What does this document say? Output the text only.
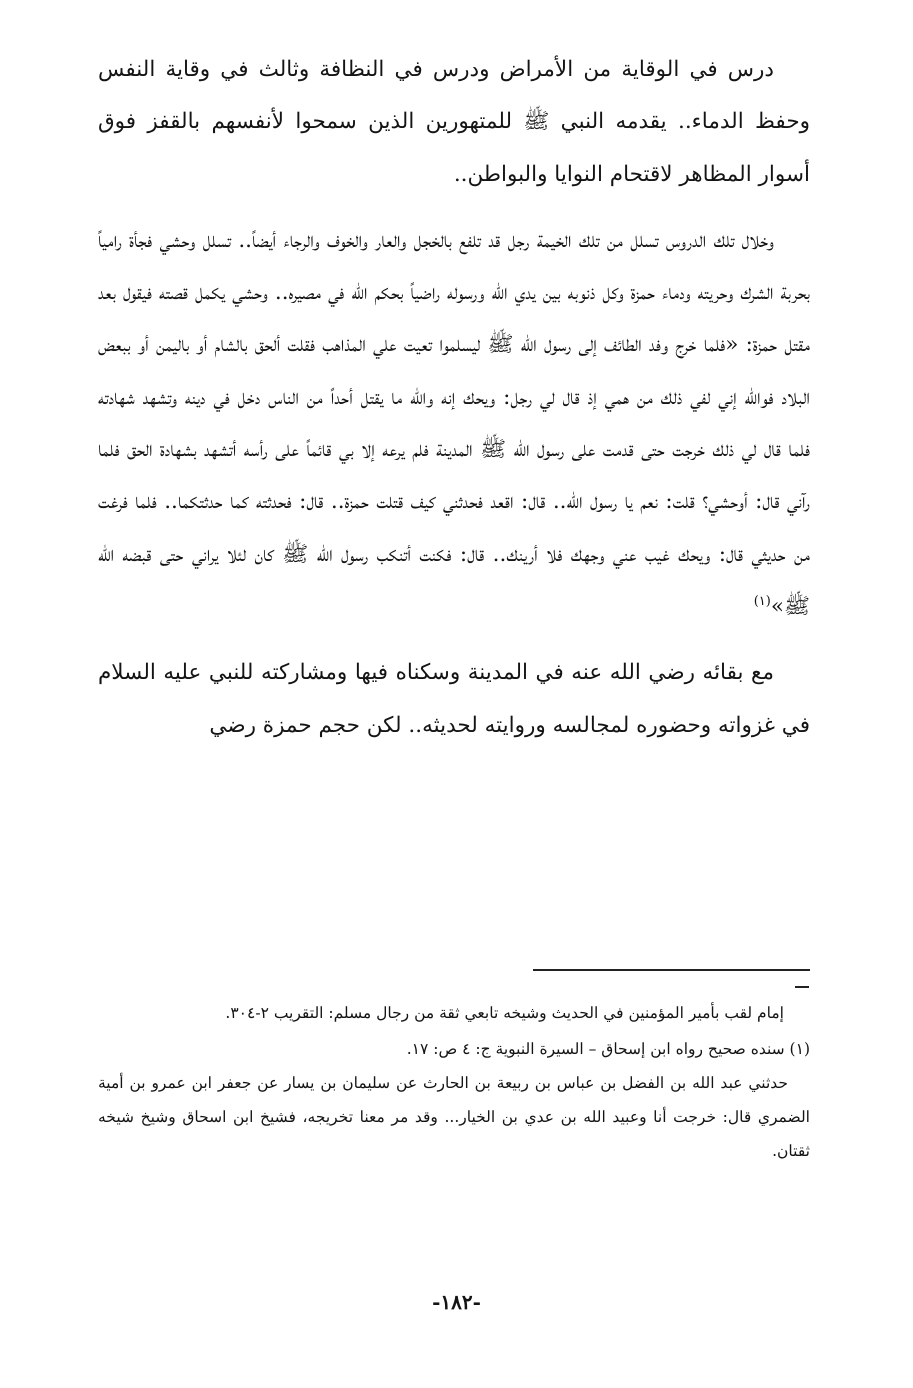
درس في الوقاية من الأمراض ودرس في النظافة وثالث في وقاية النفس وحفظ الدماء.. يقدمه النبي ﷺ للمتهورين الذين سمحوا لأنفسهم بالقفز فوق أسوار المظاهر لاقتحام النوايا والبواطن..

وخلال تلك الدروس تسلل من تلك الخيمة رجل قد تلفع بالخجل والعار والخوف والرجاء أيضاً.. تسلل وحشي فجأة رامياً بحربة الشرك وحريته ودماء حمزة وكل ذنوبه بين يدي الله ورسوله راضياً بحكم الله في مصيره.. وحشي يكمل قصته فيقول بعد مقتل حمزة: «فلما خرج وفد الطائف إلى رسول الله ﷺ ليسلموا تعيت علي المذاهب فقلت ألحق بالشام أو باليمن أو ببعض البلاد فوالله إني لفي ذلك من همي إذ قال لي رجل: ويحك إنه والله ما يقتل أحداً من الناس دخل في دينه وتشهد شهادته فلما قال لي ذلك خرجت حتى قدمت على رسول الله ﷺ المدينة فلم يرعه إلا بي قائماً على رأسه أتشهد بشهادة الحق فلما رآني قال: أوحشي؟ قلت: نعم يا رسول الله.. قال: اقعد فحدثني كيف قتلت حمزة.. قال: فحدثته كما حدثتكما.. فلما فرغت من حديثي قال: ويحك غيب عني وجهك فلا أرينك.. قال: فكنت أتنكب رسول الله ﷺ كان لئلا يراني حتى قبضه الله ﷺ»$^{(١)}$

مع بقائه رضي الله عنه في المدينة وسكناه فيها ومشاركته للنبي عليه السلام في غزواته وحضوره لمجالسه وروايته لحديثه.. لكن حجم حمزة رضي

إمام لقب بأمير المؤمنين في الحديث وشيخه تابعي ثقة من رجال مسلم: التقريب ٢-٣٠٤.

(١) سنده صحيح رواه ابن إسحاق – السيرة النبوية ج: ٤ ص: ١٧.

حدثني عبد الله بن الفضل بن عباس بن ربيعة بن الحارث عن سليمان بن يسار عن جعفر ابن عمرو بن أمية الضمري قال: خرجت أنا وعبيد الله بن عدي بن الخيار... وقد مر معنا تخريجه، فشيخ ابن اسحاق وشيخ شيخه ثقتان.

-١٨٢-
